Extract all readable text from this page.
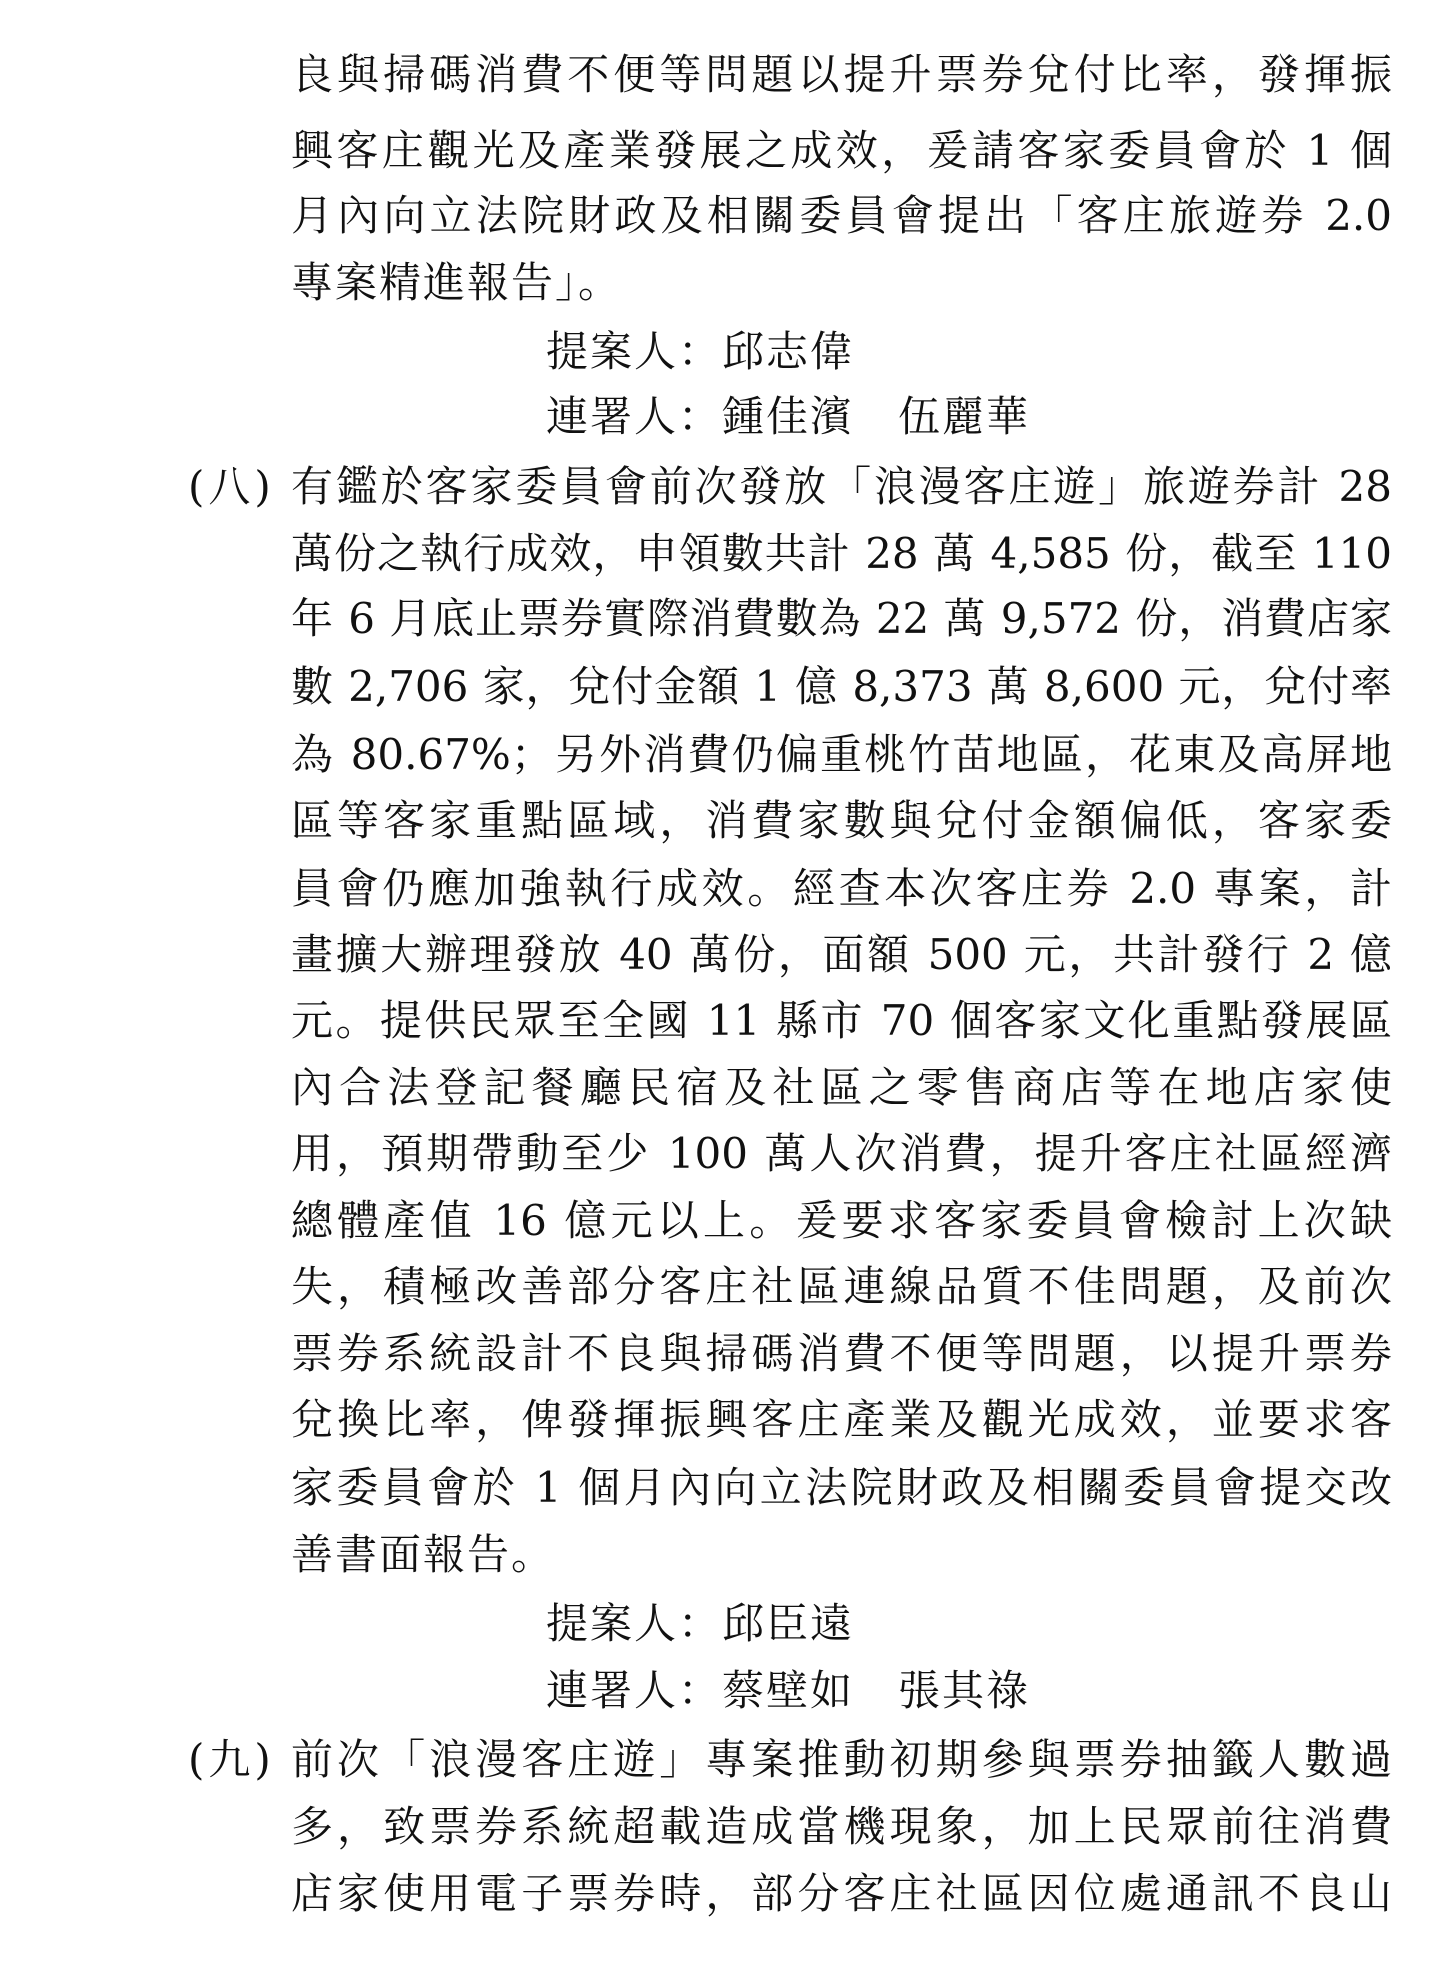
良與掃碼消費不便等問題以提升票券兌付比率，發揮振
興客庄觀光及產業發展之成效，爰請客家委員會於 1 個
月內向立法院財政及相關委員會提出「客庄旅遊券 2.0
專案精進報告」。
提案人：邱志偉
連署人：鍾佳濱　伍麗華
(八) 有鑑於客家委員會前次發放「浪漫客庄遊」旅遊券計 28
萬份之執行成效，申領數共計 28 萬 4,585 份，截至 110
年 6 月底止票券實際消費數為 22 萬 9,572 份，消費店家
數 2,706 家，兌付金額 1 億 8,373 萬 8,600 元，兌付率
為 80.67%；另外消費仍偏重桃竹苗地區，花東及高屏地
區等客家重點區域，消費家數與兌付金額偏低，客家委
員會仍應加強執行成效。經查本次客庄券 2.0 專案，計
畫擴大辦理發放 40 萬份，面額 500 元，共計發行 2 億
元。提供民眾至全國 11 縣市 70 個客家文化重點發展區
內合法登記餐廳民宿及社區之零售商店等在地店家使
用，預期帶動至少 100 萬人次消費，提升客庄社區經濟
總體產值 16 億元以上。爰要求客家委員會檢討上次缺
失，積極改善部分客庄社區連線品質不佳問題，及前次
票券系統設計不良與掃碼消費不便等問題，以提升票券
兌換比率，俾發揮振興客庄產業及觀光成效，並要求客
家委員會於 1 個月內向立法院財政及相關委員會提交改
善書面報告。
提案人：邱臣遠
連署人：蔡壁如　張其祿
(九) 前次「浪漫客庄遊」專案推動初期參與票券抽籤人數過
多，致票券系統超載造成當機現象，加上民眾前往消費
店家使用電子票券時，部分客庄社區因位處通訊不良山
